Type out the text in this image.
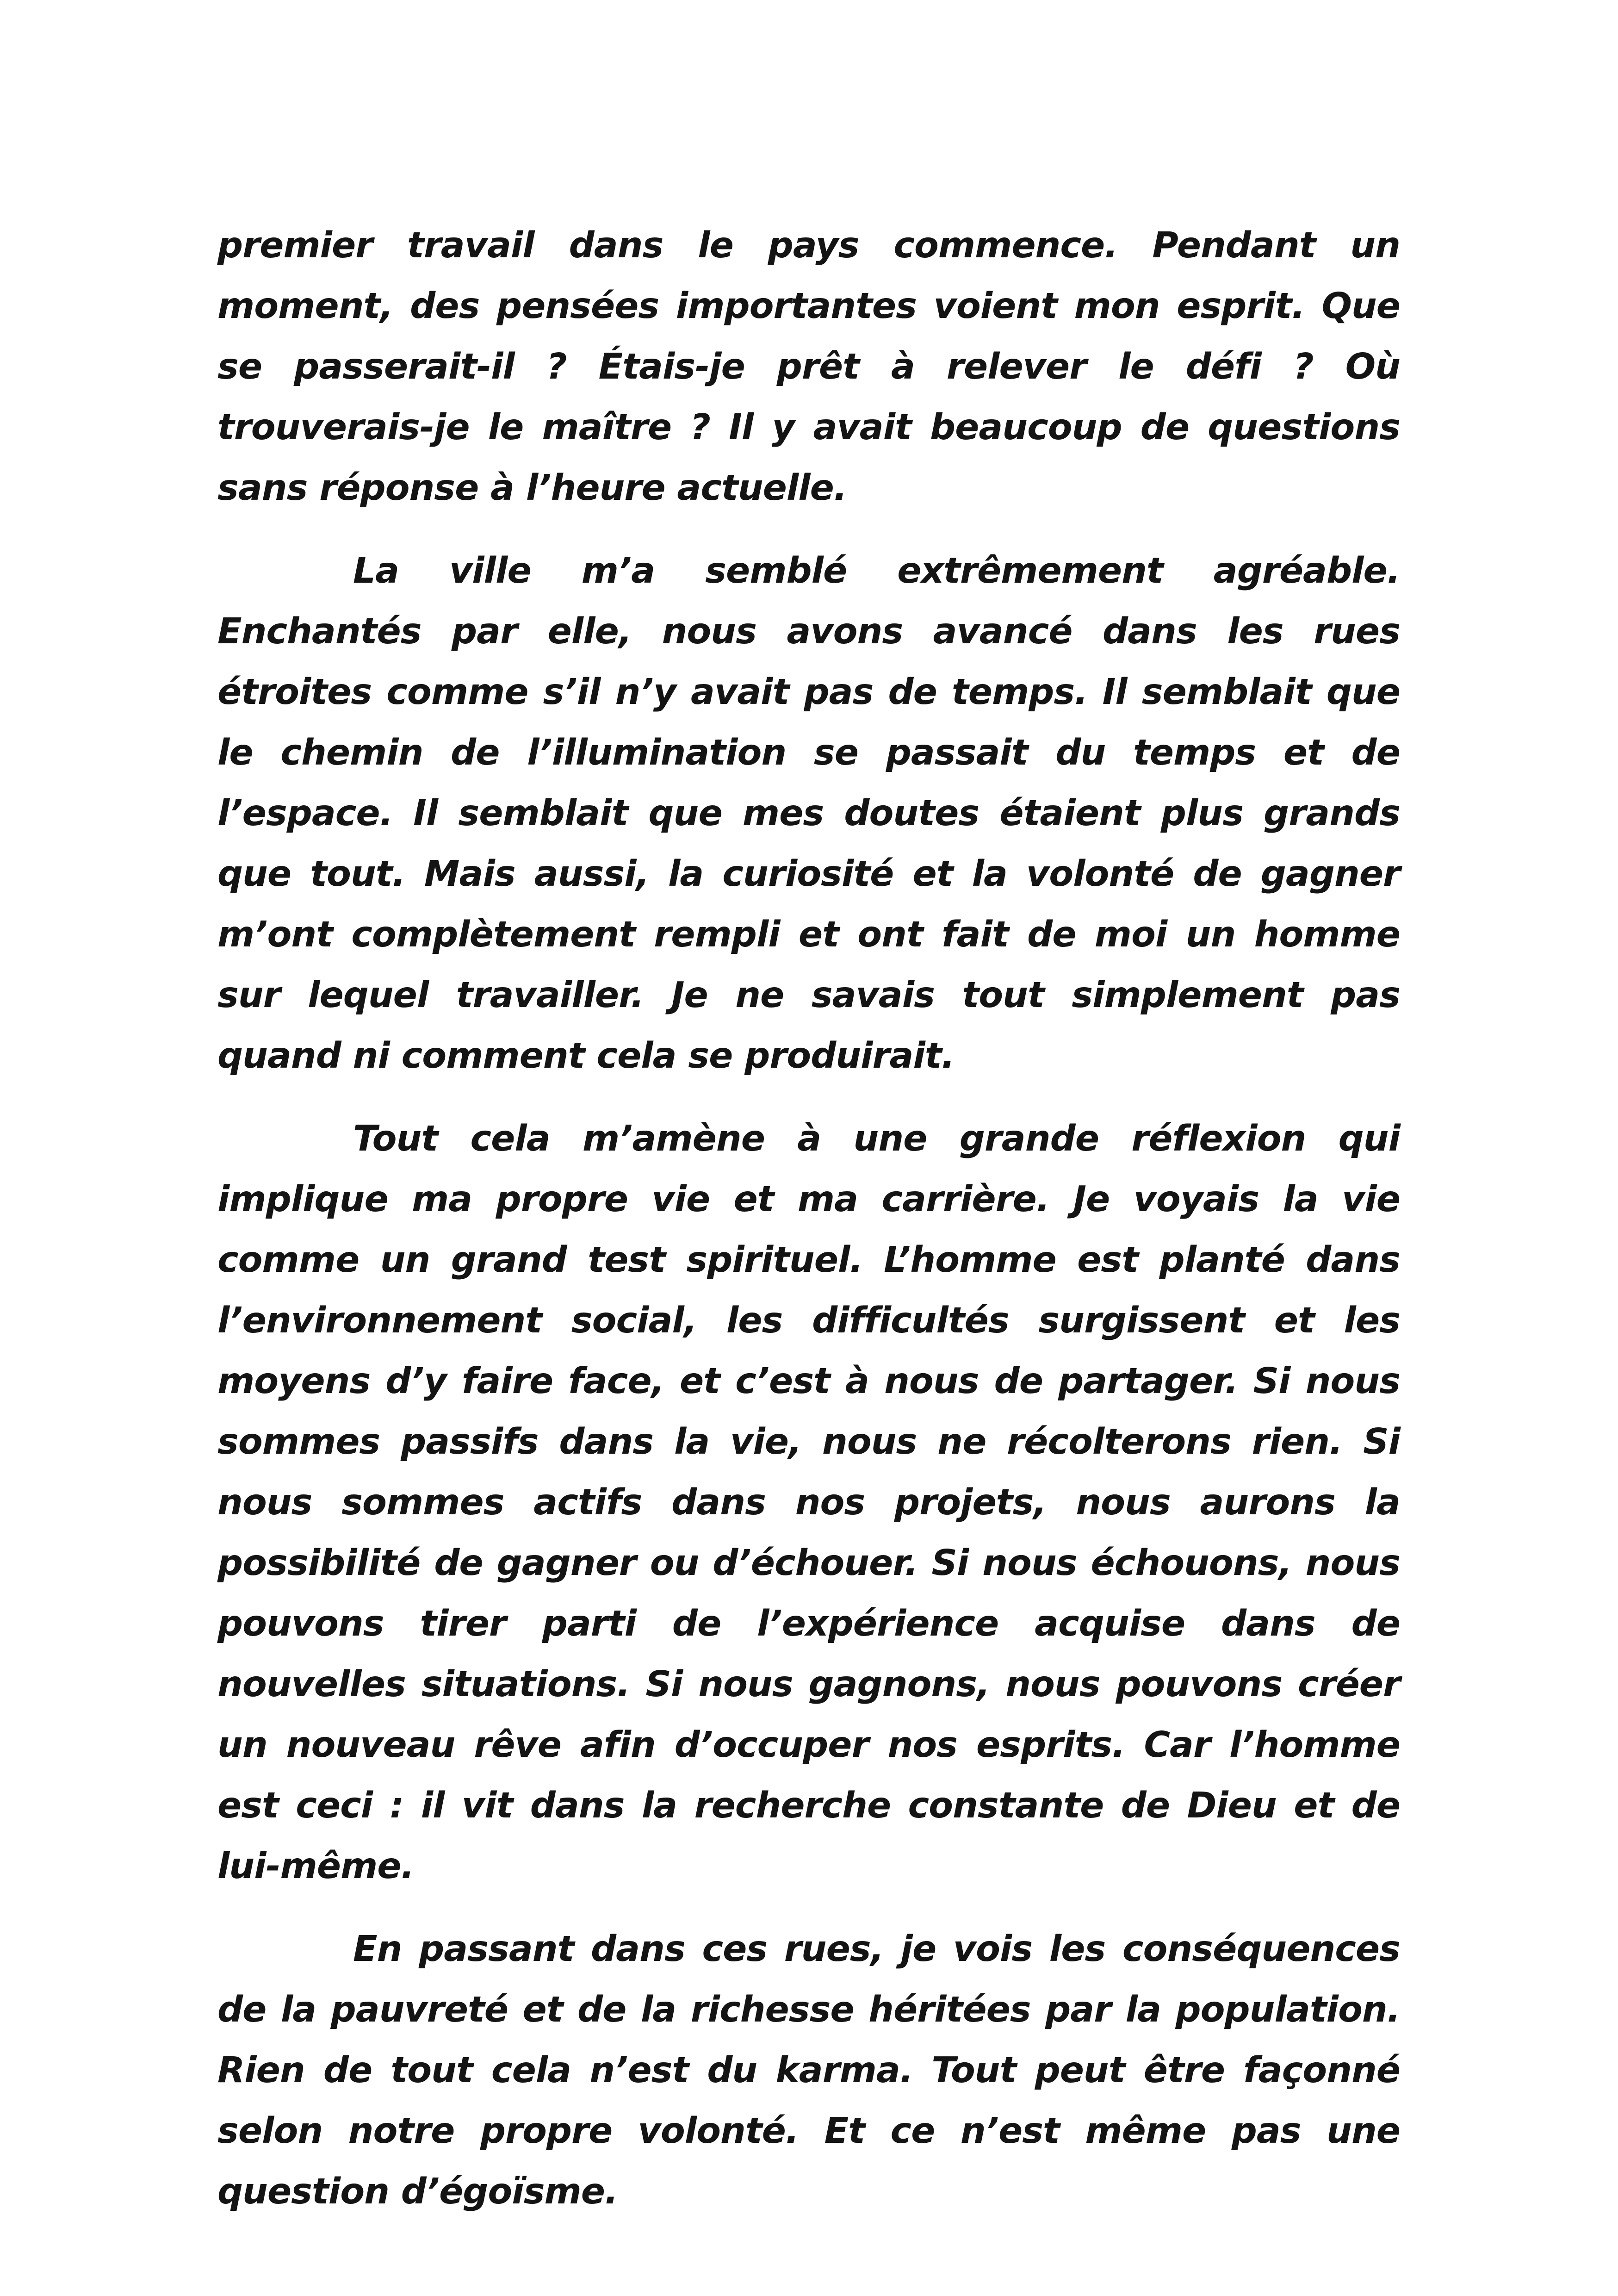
premier travail dans le pays commence. Pendant un moment, des pensées importantes voient mon esprit. Que se passerait-il ? Étais-je prêt à relever le défi ? Où trouverais-je le maître ? Il y avait beaucoup de questions sans réponse à l’heure actuelle.

La ville m’a semblé extrêmement agréable. Enchantés par elle, nous avons avancé dans les rues étroites comme s’il n’y avait pas de temps. Il semblait que le chemin de l’illumination se passait du temps et de l’espace. Il semblait que mes doutes étaient plus grands que tout. Mais aussi, la curiosité et la volonté de gagner m’ont complètement rempli et ont fait de moi un homme sur lequel travailler. Je ne savais tout simplement pas quand ni comment cela se produirait.

Tout cela m’amène à une grande réflexion qui implique ma propre vie et ma carrière. Je voyais la vie comme un grand test spirituel. L’homme est planté dans l’environnement social, les difficultés surgissent et les moyens d’y faire face, et c’est à nous de partager. Si nous sommes passifs dans la vie, nous ne récolterons rien. Si nous sommes actifs dans nos projets, nous aurons la possibilité de gagner ou d’échouer. Si nous échouons, nous pouvons tirer parti de l’expérience acquise dans de nouvelles situations. Si nous gagnons, nous pouvons créer un nouveau rêve afin d’occuper nos esprits. Car l’homme est ceci : il vit dans la recherche constante de Dieu et de lui-même.

En passant dans ces rues, je vois les conséquences de la pauvreté et de la richesse héritées par la population. Rien de tout cela n’est du karma. Tout peut être façonné selon notre propre volonté. Et ce n’est même pas une question d’égoïsme.
